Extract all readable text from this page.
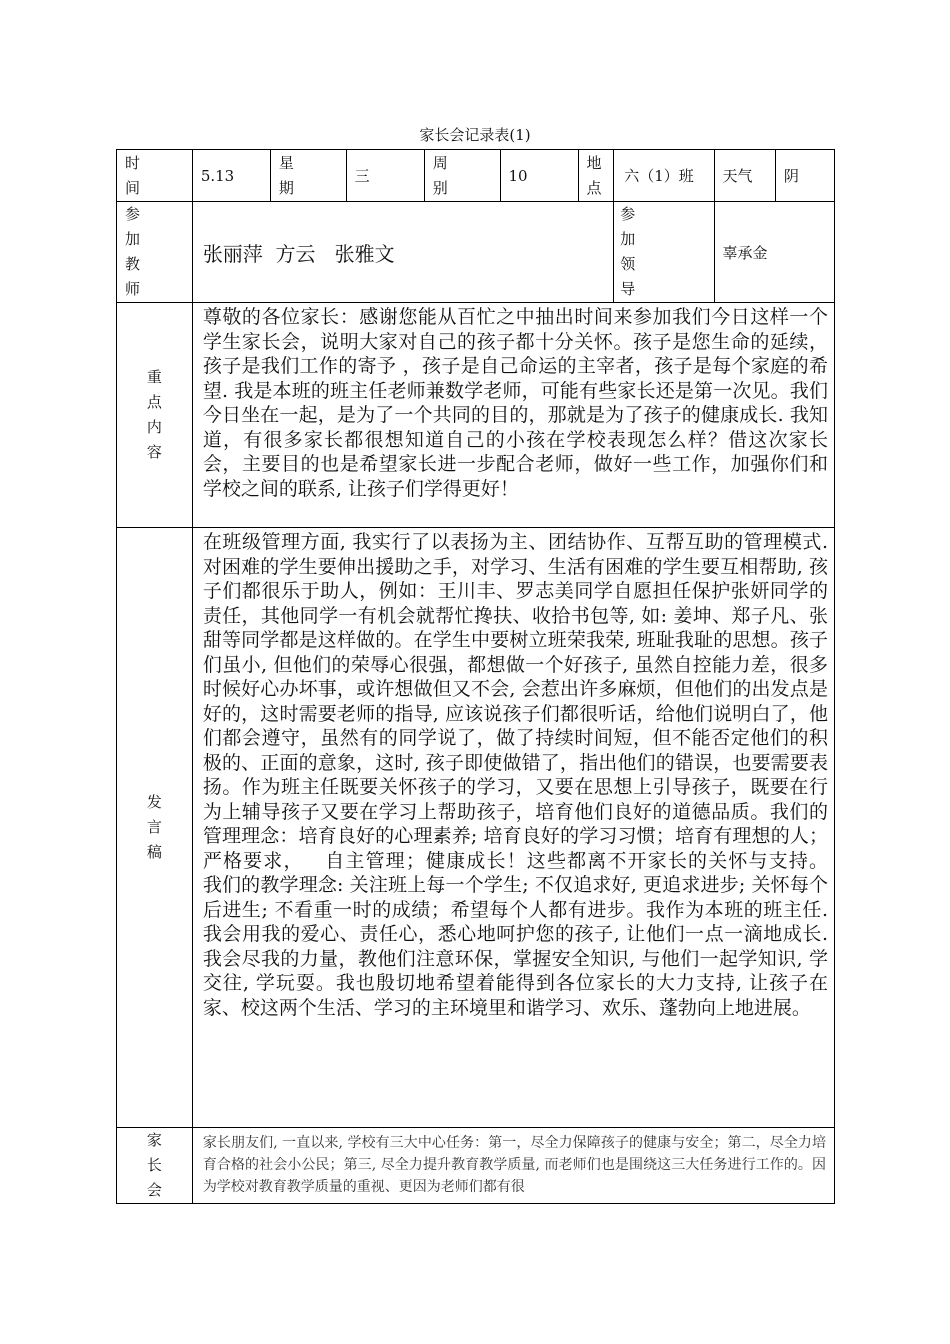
家长会记录表(1)
时间	5.13	星期	三	周别	10	地点	六（1）班	天气	阴

参加教师	张丽萍  方云   张雅文						参加领导	辜承金	

重点内容	尊敬的各位家长：感谢您能从百忙之中抽出时间来参加我们今日这样一个学生家长会，说明大家对自己的孩子都十分关怀。孩子是您生命的延续，孩子是我们工作的寄予 ，孩子是自己命运的主宰者，孩子是每个家庭的希望. 我是本班的班主任老师兼数学老师，可能有些家长还是第一次见。我们今日坐在一起，是为了一个共同的目的，那就是为了孩子的健康成长. 我知道，有很多家长都很想知道自己的小孩在学校表现怎么样？借这次家长会，主要目的也是希望家长进一步配合老师，做好一些工作，加强你们和学校之间的联系, 让孩子们学得更好！								

发言稿	在班级管理方面, 我实行了以表扬为主、团结协作、互帮互助的管理模式. 对困难的学生要伸出援助之手，对学习、生活有困难的学生要互相帮助, 孩子们都很乐于助人，例如：王川丰、罗志美同学自愿担任保护张妍同学的责任，其他同学一有机会就帮忙搀扶、收拾书包等, 如: 姜坤、郑子凡、张甜等同学都是这样做的。在学生中要树立班荣我荣, 班耻我耻的思想。孩子们虽小, 但他们的荣辱心很强，都想做一个好孩子, 虽然自控能力差，很多时候好心办坏事，或许想做但又不会, 会惹出许多麻烦，但他们的出发点是好的，这时需要老师的指导, 应该说孩子们都很听话，给他们说明白了，他们都会遵守，虽然有的同学说了，做了持续时间短，但不能否定他们的积极的、正面的意象，这时, 孩子即使做错了，指出他们的错误，也要需要表扬。作为班主任既要关怀孩子的学习，又要在思想上引导孩子，既要在行为上辅导孩子又要在学习上帮助孩子，培育他们良好的道德品质。我们的管理理念：培育良好的心理素养; 培育良好的学习习惯；培育有理想的人；严格要求，   自主管理；健康成长！这些都离不开家长的关怀与支持。   我们的教学理念: 关注班上每一个学生; 不仅追求好, 更追求进步; 关怀每个后进生; 不看重一时的成绩；希望每个人都有进步。我作为本班的班主任. 我会用我的爱心、责任心，悉心地呵护您的孩子, 让他们一点一滴地成长. 我会尽我的力量，教他们注意环保，掌握安全知识, 与他们一起学知识, 学交往, 学玩耍。我也殷切地希望着能得到各位家长的大力支持, 让孩子在家、校这两个生活、学习的主环境里和谐学习、欢乐、蓬勃向上地进展。								

家长会	家长朋友们, 一直以来, 学校有三大中心任务：第一，尽全力保障孩子的健康与安全；第二，尽全力培育合格的社会小公民；第三, 尽全力提升教育教学质量, 而老师们也是围绕这三大任务进行工作的。因为学校对教育教学质量的重视、更因为老师们都有很								
